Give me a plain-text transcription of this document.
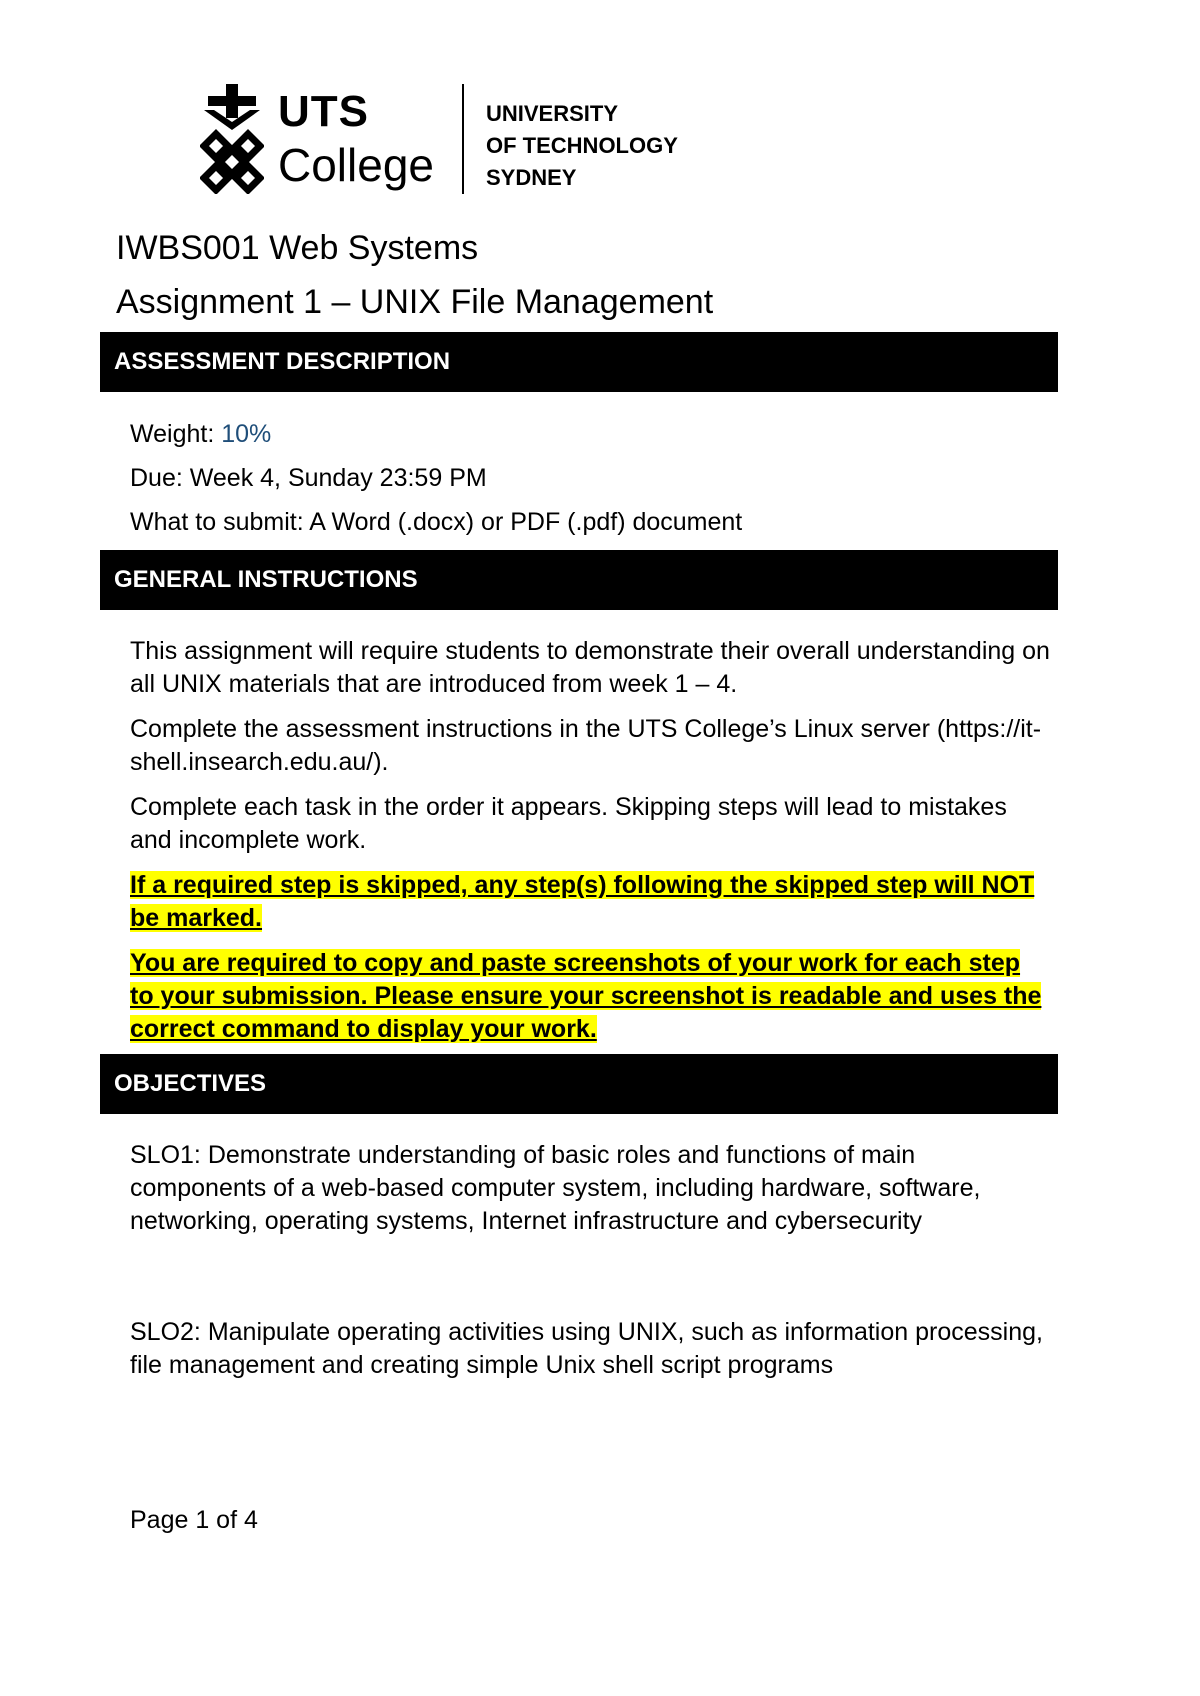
UTS
College
UNIVERSITY
OF TECHNOLOGY
SYDNEY
IWBS001 Web Systems
Assignment 1 – UNIX File Management
ASSESSMENT DESCRIPTION
Weight: 10%
Due: Week 4, Sunday 23:59 PM
What to submit: A Word (.docx) or PDF (.pdf) document
GENERAL INSTRUCTIONS
This assignment will require students to demonstrate their overall understanding on all UNIX materials that are introduced from week 1 – 4.
Complete the assessment instructions in the UTS College’s Linux server (https://it-shell.insearch.edu.au/).
Complete each task in the order it appears. Skipping steps will lead to mistakes and incomplete work.
If a required step is skipped, any step(s) following the skipped step will NOT be marked.
You are required to copy and paste screenshots of your work for each step to your submission. Please ensure your screenshot is readable and uses the correct command to display your work.
OBJECTIVES
SLO1: Demonstrate understanding of basic roles and functions of main components of a web-based computer system, including hardware, software, networking, operating systems, Internet infrastructure and cybersecurity
SLO2: Manipulate operating activities using UNIX, such as information processing, file management and creating simple Unix shell script programs
Page 1 of 4
